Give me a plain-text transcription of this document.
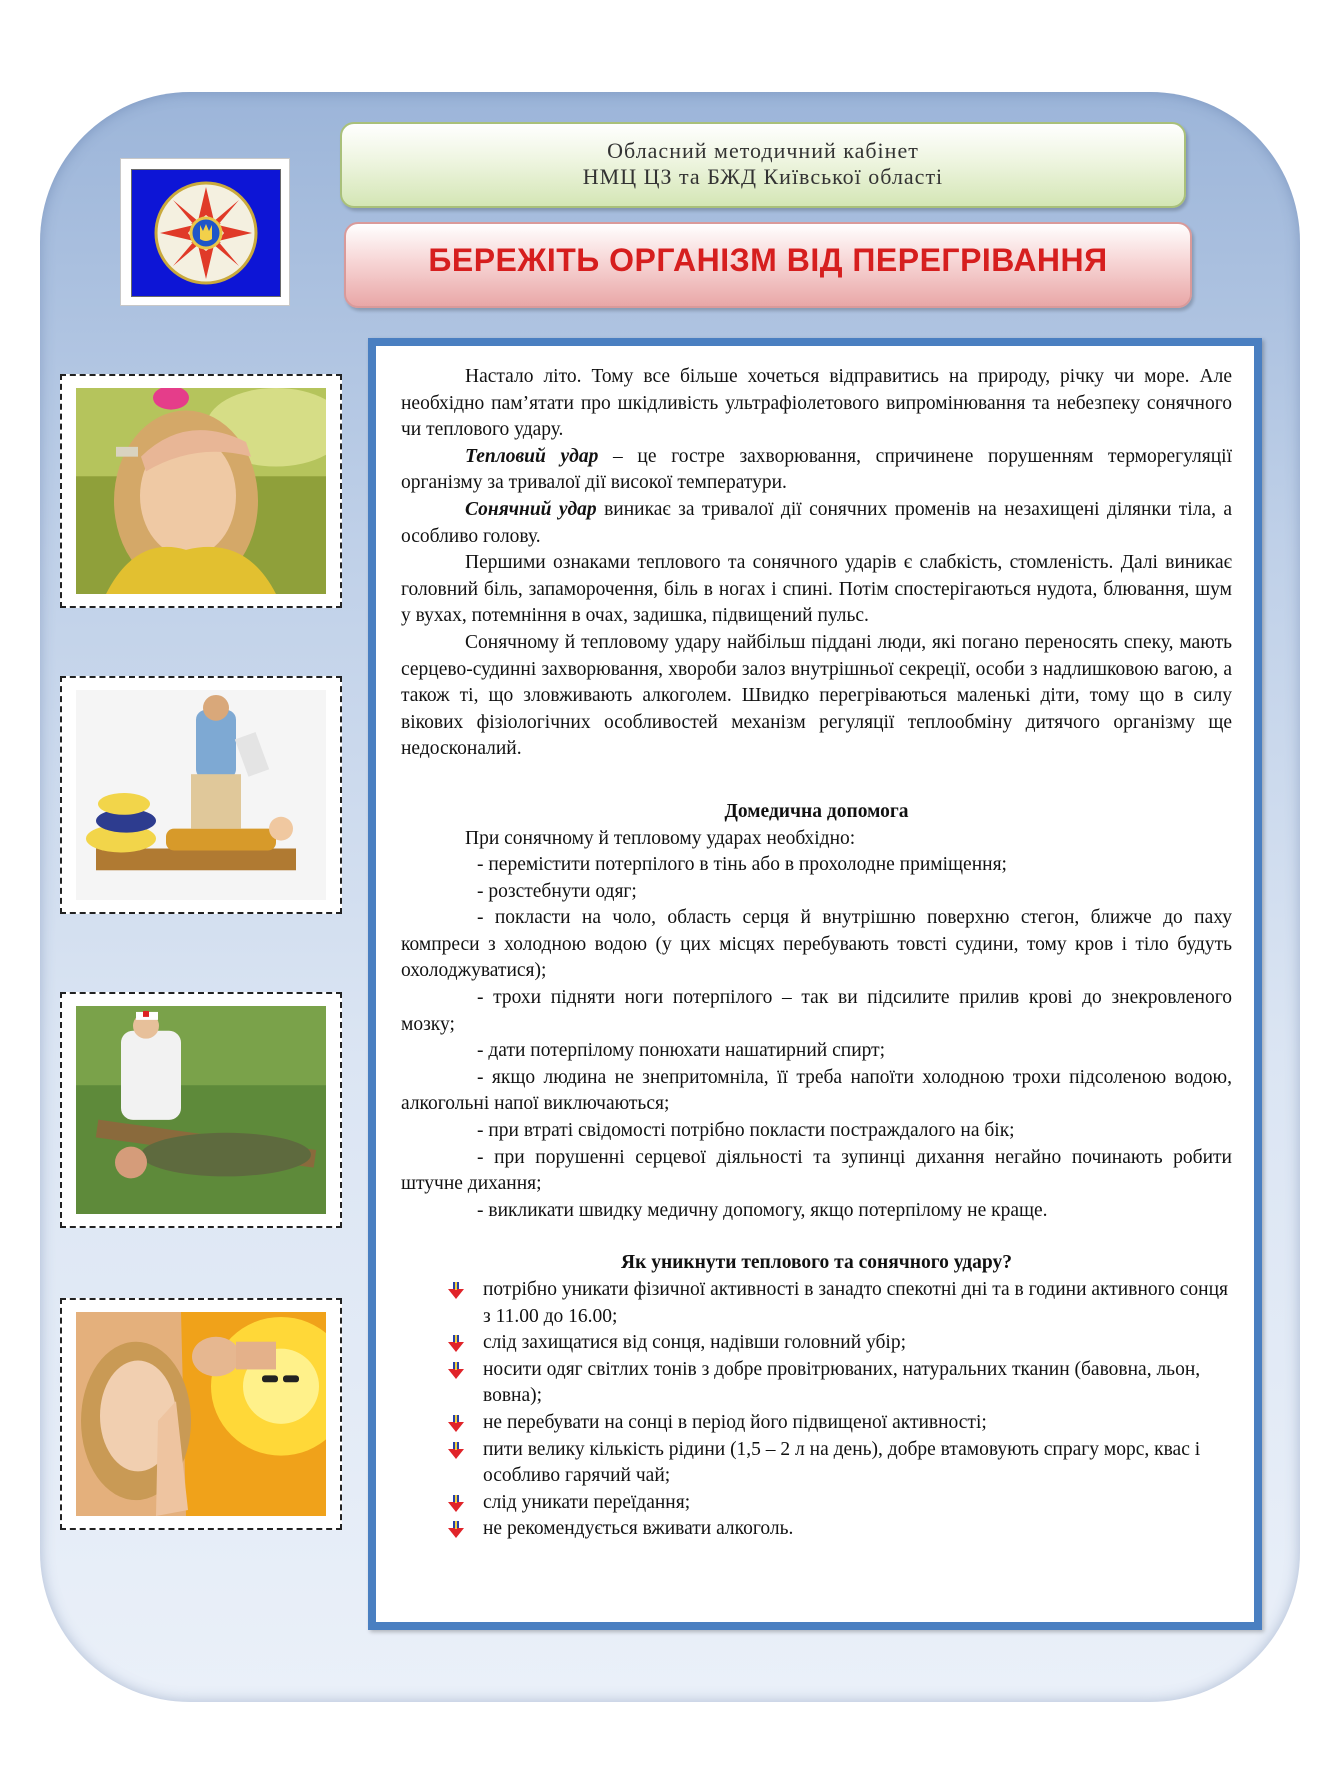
Обласний методичний кабінет
НМЦ ЦЗ та БЖД Київської області
БЕРЕЖІТЬ ОРГАНІЗМ ВІД ПЕРЕГРІВАННЯ

Настало літо. Тому все більше хочеться відправитись на природу, річку чи море. Але необхідно пам’ятати про шкідливість ультрафіолетового випромінювання та небезпеку сонячного чи теплового удару.

Тепловий удар – це гостре захворювання, спричинене порушенням терморегуляції організму за тривалої дії високої температури.

Сонячний удар виникає за тривалої дії сонячних променів на незахищені ділянки тіла, а особливо голову.

Першими ознаками теплового та сонячного ударів є слабкість, стомленість. Далі виникає головний біль, запаморочення, біль в ногах і спині. Потім спостерігаються нудота, блювання, шум у вухах, потемніння в очах, задишка, підвищений пульс.

Сонячному й тепловому удару найбільш піддані люди, які погано переносять спеку, мають серцево-судинні захворювання, хвороби залоз внутрішньої секреції, особи з надлишковою вагою, а також ті, що зловживають алкоголем. Швидко перегріваються маленькі діти, тому що в силу вікових фізіологічних особливостей механізм регуляції теплообміну дитячого організму ще недосконалий.

Домедична допомога

При сонячному й тепловому ударах необхідно:

- перемістити потерпілого в тінь або в прохолодне приміщення;

- розстебнути одяг;

- покласти на чоло, область серця й внутрішню поверхню стегон, ближче до паху компреси з холодною водою (у цих місцях перебувають товсті судини, тому кров і тіло будуть охолоджуватися);

- трохи підняти ноги потерпілого – так ви підсилите прилив крові до знекровленого мозку;

- дати потерпілому понюхати нашатирний спирт;

- якщо людина не знепритомніла, її треба напоїти холодною трохи підсоленою водою, алкогольні напої виключаються;

- при втраті свідомості потрібно покласти постраждалого на бік;

- при порушенні серцевої діяльності та зупинці дихання негайно починають робити штучне дихання;

- викликати швидку медичну допомогу, якщо потерпілому не краще.

Як уникнути теплового та сонячного удару?

потрібно уникати фізичної активності в занадто спекотні дні та в години активного сонця з 11.00 до 16.00;
слід захищатися від сонця, надівши головний убір;
носити одяг світлих тонів з добре провітрюваних, натуральних тканин (бавовна, льон, вовна);
не перебувати на сонці в період його підвищеної активності;
пити велику кількість рідини (1,5 – 2 л на день), добре втамовують спрагу морс, квас і особливо гарячий чай;
слід уникати переїдання;
не рекомендується вживати алкоголь.
